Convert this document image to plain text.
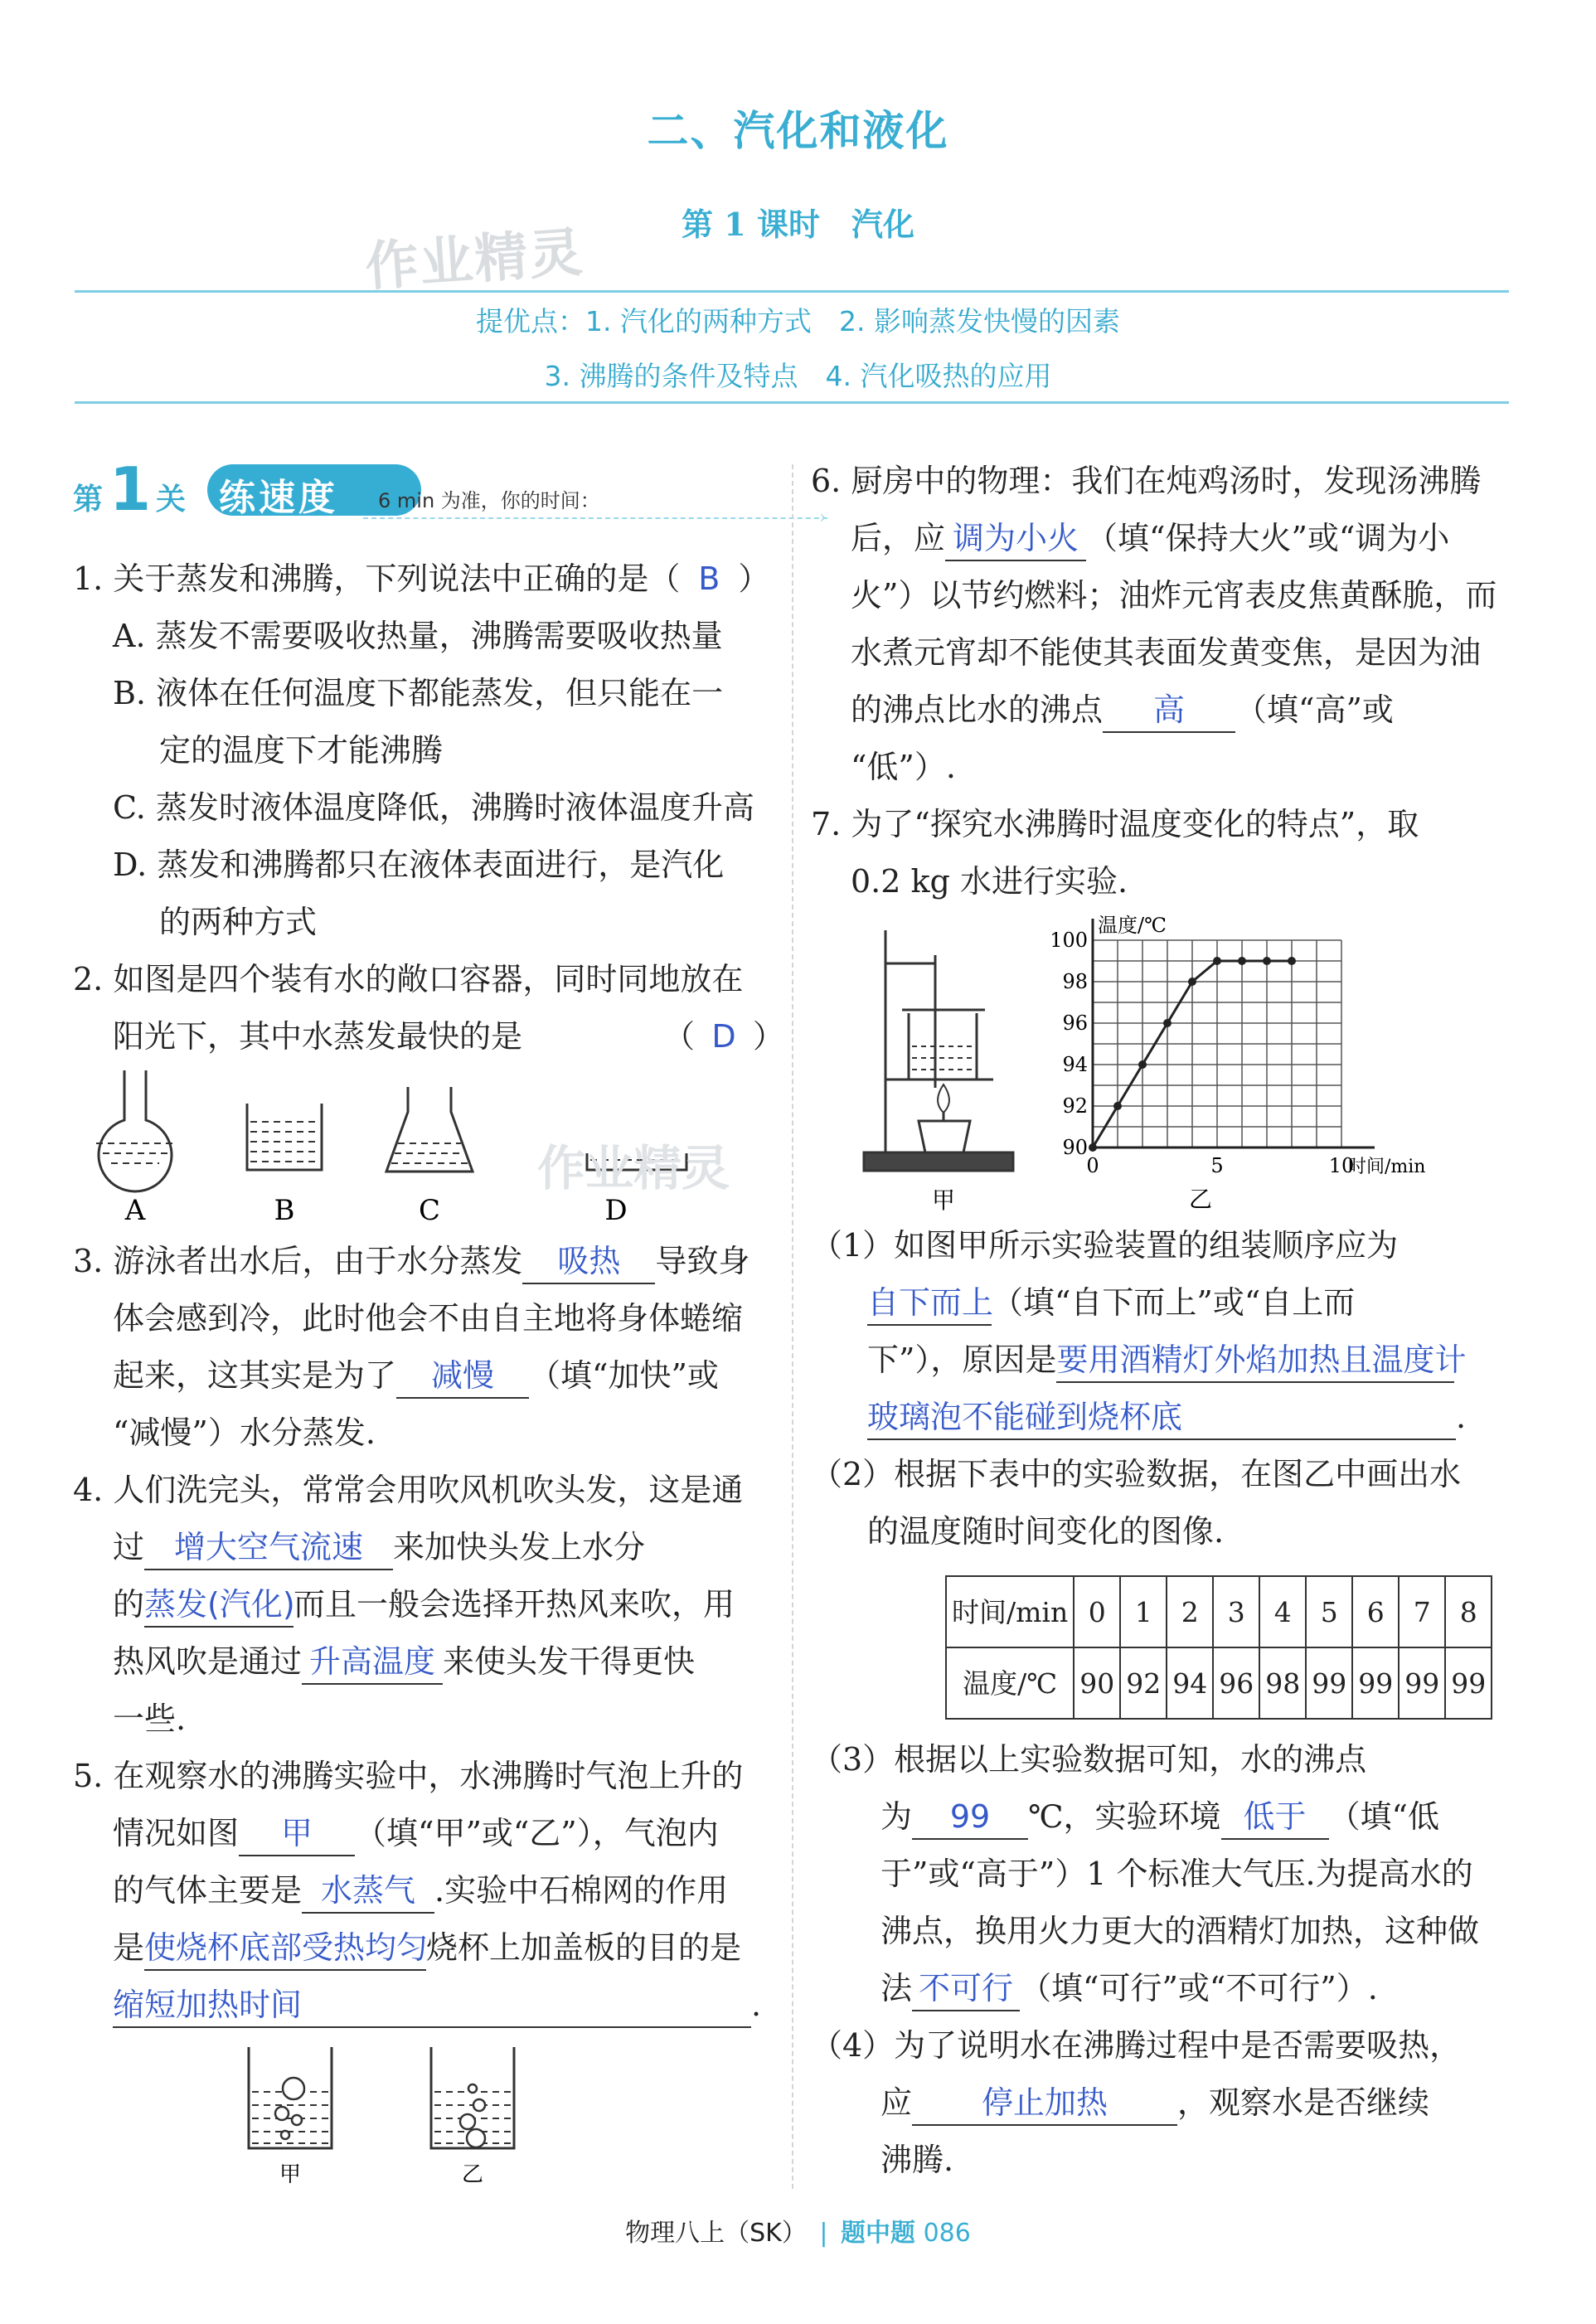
二、汽化和液化
作业精灵	第 1 课时　汽化
提优点：1. 汽化的两种方式　2. 影响蒸发快慢的因素
3. 沸腾的条件及特点　4. 汽化吸热的应用
第 1 关 练速度 6 min 为准，你的时间：
›
1. 关于蒸发和沸腾，下列说法中正确的是（ B ）
A. 蒸发不需要吸收热量，沸腾需要吸收热量
B. 液体在任何温度下都能蒸发，但只能在一
定的温度下才能沸腾
C. 蒸发时液体温度降低，沸腾时液体温度升高
D. 蒸发和沸腾都只在液体表面进行，是汽化
的两种方式
2. 如图是四个装有水的敞口容器，同时同地放在
阳光下，其中水蒸发最快的是	（ D ）
A	B	C	D
作业精灵
3. 游泳者出水后，由于水分蒸发 吸热 导致身
体会感到冷，此时他会不由自主地将身体蜷缩
起来，这其实是为了 减慢 （填“加快”或
“减慢”）水分蒸发.
4. 人们洗完头，常常会用吹风机吹头发，这是通
过 增大空气流速 来加快头发上水分
的蒸发(汽化)而且一般会选择开热风来吹，用
热风吹是通过 升高温度 来使头发干得更快
一些.
5. 在观察水的沸腾实验中，水沸腾时气泡上升的
情况如图 甲 （填“甲”或“乙”），气泡内
的气体主要是 水蒸气 .实验中石棉网的作用
是使烧杯底部受热均匀烧杯上加盖板的目的是
缩短加热时间	.
甲	乙
6. 厨房中的物理：我们在炖鸡汤时，发现汤沸腾
后，应 调为小火 （填“保持大火”或“调为小
火”）以节约燃料；油炸元宵表皮焦黄酥脆，而
水煮元宵却不能使其表面发黄变焦，是因为油
的沸点比水的沸点 高 （填“高”或
“低”）.
7. 为了“探究水沸腾时温度变化的特点”，取
0.2 kg 水进行实验.
甲
90
92
94
96
98
100
0	5	10
温度/℃
时间/min
乙
（1）如图甲所示实验装置的组装顺序应为
自下而上（填“自下而上”或“自上而
下”），原因是要用酒精灯外焰加热且温度计
玻璃泡不能碰到烧杯底	.
（2）根据下表中的实验数据，在图乙中画出水
的温度随时间变化的图像.
时间/min	0	1	2	3	4	5	6	7	8
温度/℃	90	92	94	96	98	99	99	99	99
（3）根据以上实验数据可知，水的沸点
为 99 ℃，实验环境 低于 （填“低
于”或“高于”）1 个标准大气压.为提高水的
沸点，换用火力更大的酒精灯加热，这种做
法 不可行 （填“可行”或“不可行”）.
（4）为了说明水在沸腾过程中是否需要吸热，
应 停止加热 ，观察水是否继续
沸腾.
物理八上（SK） | 题中题 086
